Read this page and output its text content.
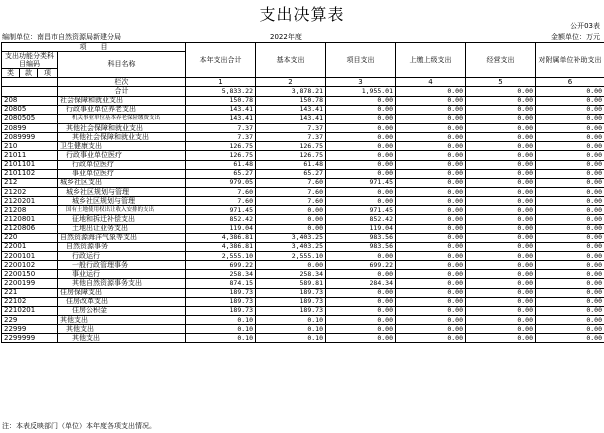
支出决算表
公开03表
编制单位：南昌市自然资源局新建分局	2022年度	金额单位：万元
项　　目				本年支出合计	基本支出	项目支出	上缴上级支出	经营支出	对附属单位补助支出
支出功能分类科目编码			科目名称						

类	款	项							
			栏次	1	2	3	4	5	6
			合计	5,833.22	3,878.21	1,955.01	0.00	0.00	0.00
208			社会保障和就业支出	150.78	150.78	0.00	0.00	0.00	0.00
20805			行政事业单位养老支出	143.41	143.41	0.00	0.00	0.00	0.00
2080505			机关事业单位基本养老保险缴费支出	143.41	143.41	0.00	0.00	0.00	0.00
20899			其他社会保障和就业支出	7.37	7.37	0.00	0.00	0.00	0.00
2089999			其他社会保障和就业支出	7.37	7.37	0.00	0.00	0.00	0.00
210			卫生健康支出	126.75	126.75	0.00	0.00	0.00	0.00
21011			行政事业单位医疗	126.75	126.75	0.00	0.00	0.00	0.00
2101101			行政单位医疗	61.48	61.48	0.00	0.00	0.00	0.00
2101102			事业单位医疗	65.27	65.27	0.00	0.00	0.00	0.00
212			城乡社区支出	979.05	7.60	971.45	0.00	0.00	0.00
21202			城乡社区规划与管理	7.60	7.60	0.00	0.00	0.00	0.00
2120201			城乡社区规划与管理	7.60	7.60	0.00	0.00	0.00	0.00
21208			国有土地使用权出让收入安排的支出	971.45	0.00	971.45	0.00	0.00	0.00
2120801			征地和拆迁补偿支出	852.42	0.00	852.42	0.00	0.00	0.00
2120806			土地出让业务支出	119.04	0.00	119.04	0.00	0.00	0.00
220			自然资源海洋气象等支出	4,386.81	3,403.25	983.56	0.00	0.00	0.00
22001			自然资源事务	4,386.81	3,403.25	983.56	0.00	0.00	0.00
2200101			行政运行	2,555.10	2,555.10	0.00	0.00	0.00	0.00
2200102			一般行政管理事务	699.22	0.00	699.22	0.00	0.00	0.00
2200150			事业运行	258.34	258.34	0.00	0.00	0.00	0.00
2200199			其他自然资源事务支出	874.15	589.81	284.34	0.00	0.00	0.00
221			住房保障支出	189.73	189.73	0.00	0.00	0.00	0.00
22102			住房改革支出	189.73	189.73	0.00	0.00	0.00	0.00
2210201			住房公积金	189.73	189.73	0.00	0.00	0.00	0.00
229			其他支出	0.10	0.10	0.00	0.00	0.00	0.00
22999			其他支出	0.10	0.10	0.00	0.00	0.00	0.00
2299999			其他支出	0.10	0.10	0.00	0.00	0.00	0.00
注：本表反映部门（单位）本年度各项支出情况。
